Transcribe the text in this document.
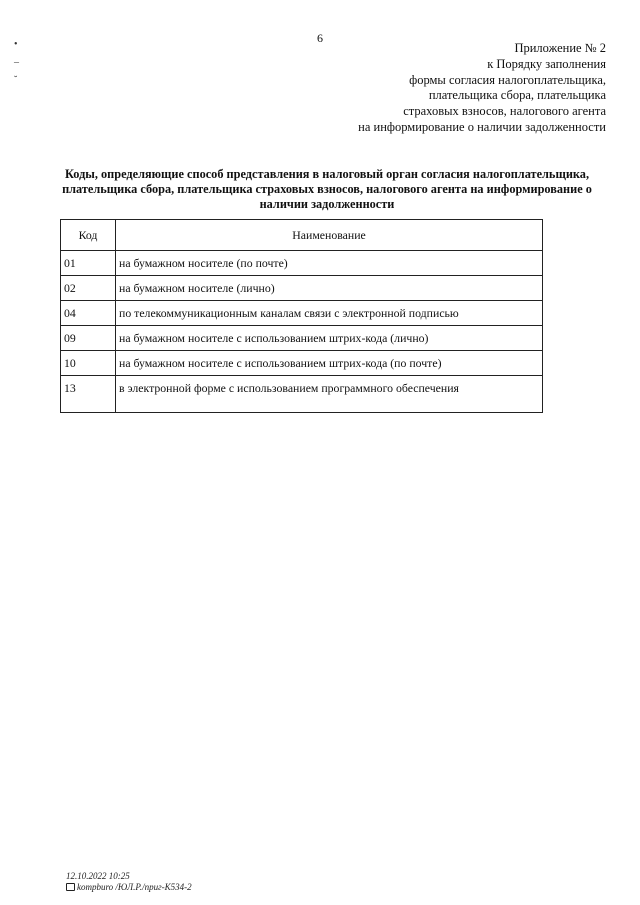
6
•
–
˘
Приложение № 2
к Порядку заполнения
формы согласия налогоплательщика,
плательщика сбора, плательщика
страховых взносов, налогового агента
на информирование о наличии задолженности
Коды, определяющие способ представления в налоговый орган согласия налогоплательщика, плательщика сбора, плательщика страховых взносов, налогового агента на информирование о наличии задолженности
Код	Наименование
01	на бумажном носителе (по почте)
02	на бумажном носителе (лично)
04	по телекоммуникационным каналам связи с электронной подписью
09	на бумажном носителе с использованием штрих-кода (лично)
10	на бумажном носителе с использованием штрих-кода (по почте)
13	в электронной форме с использованием программного обеспечения
12.10.2022 10:25
kompburo /ЮЛ.Р./приг-К534-2
